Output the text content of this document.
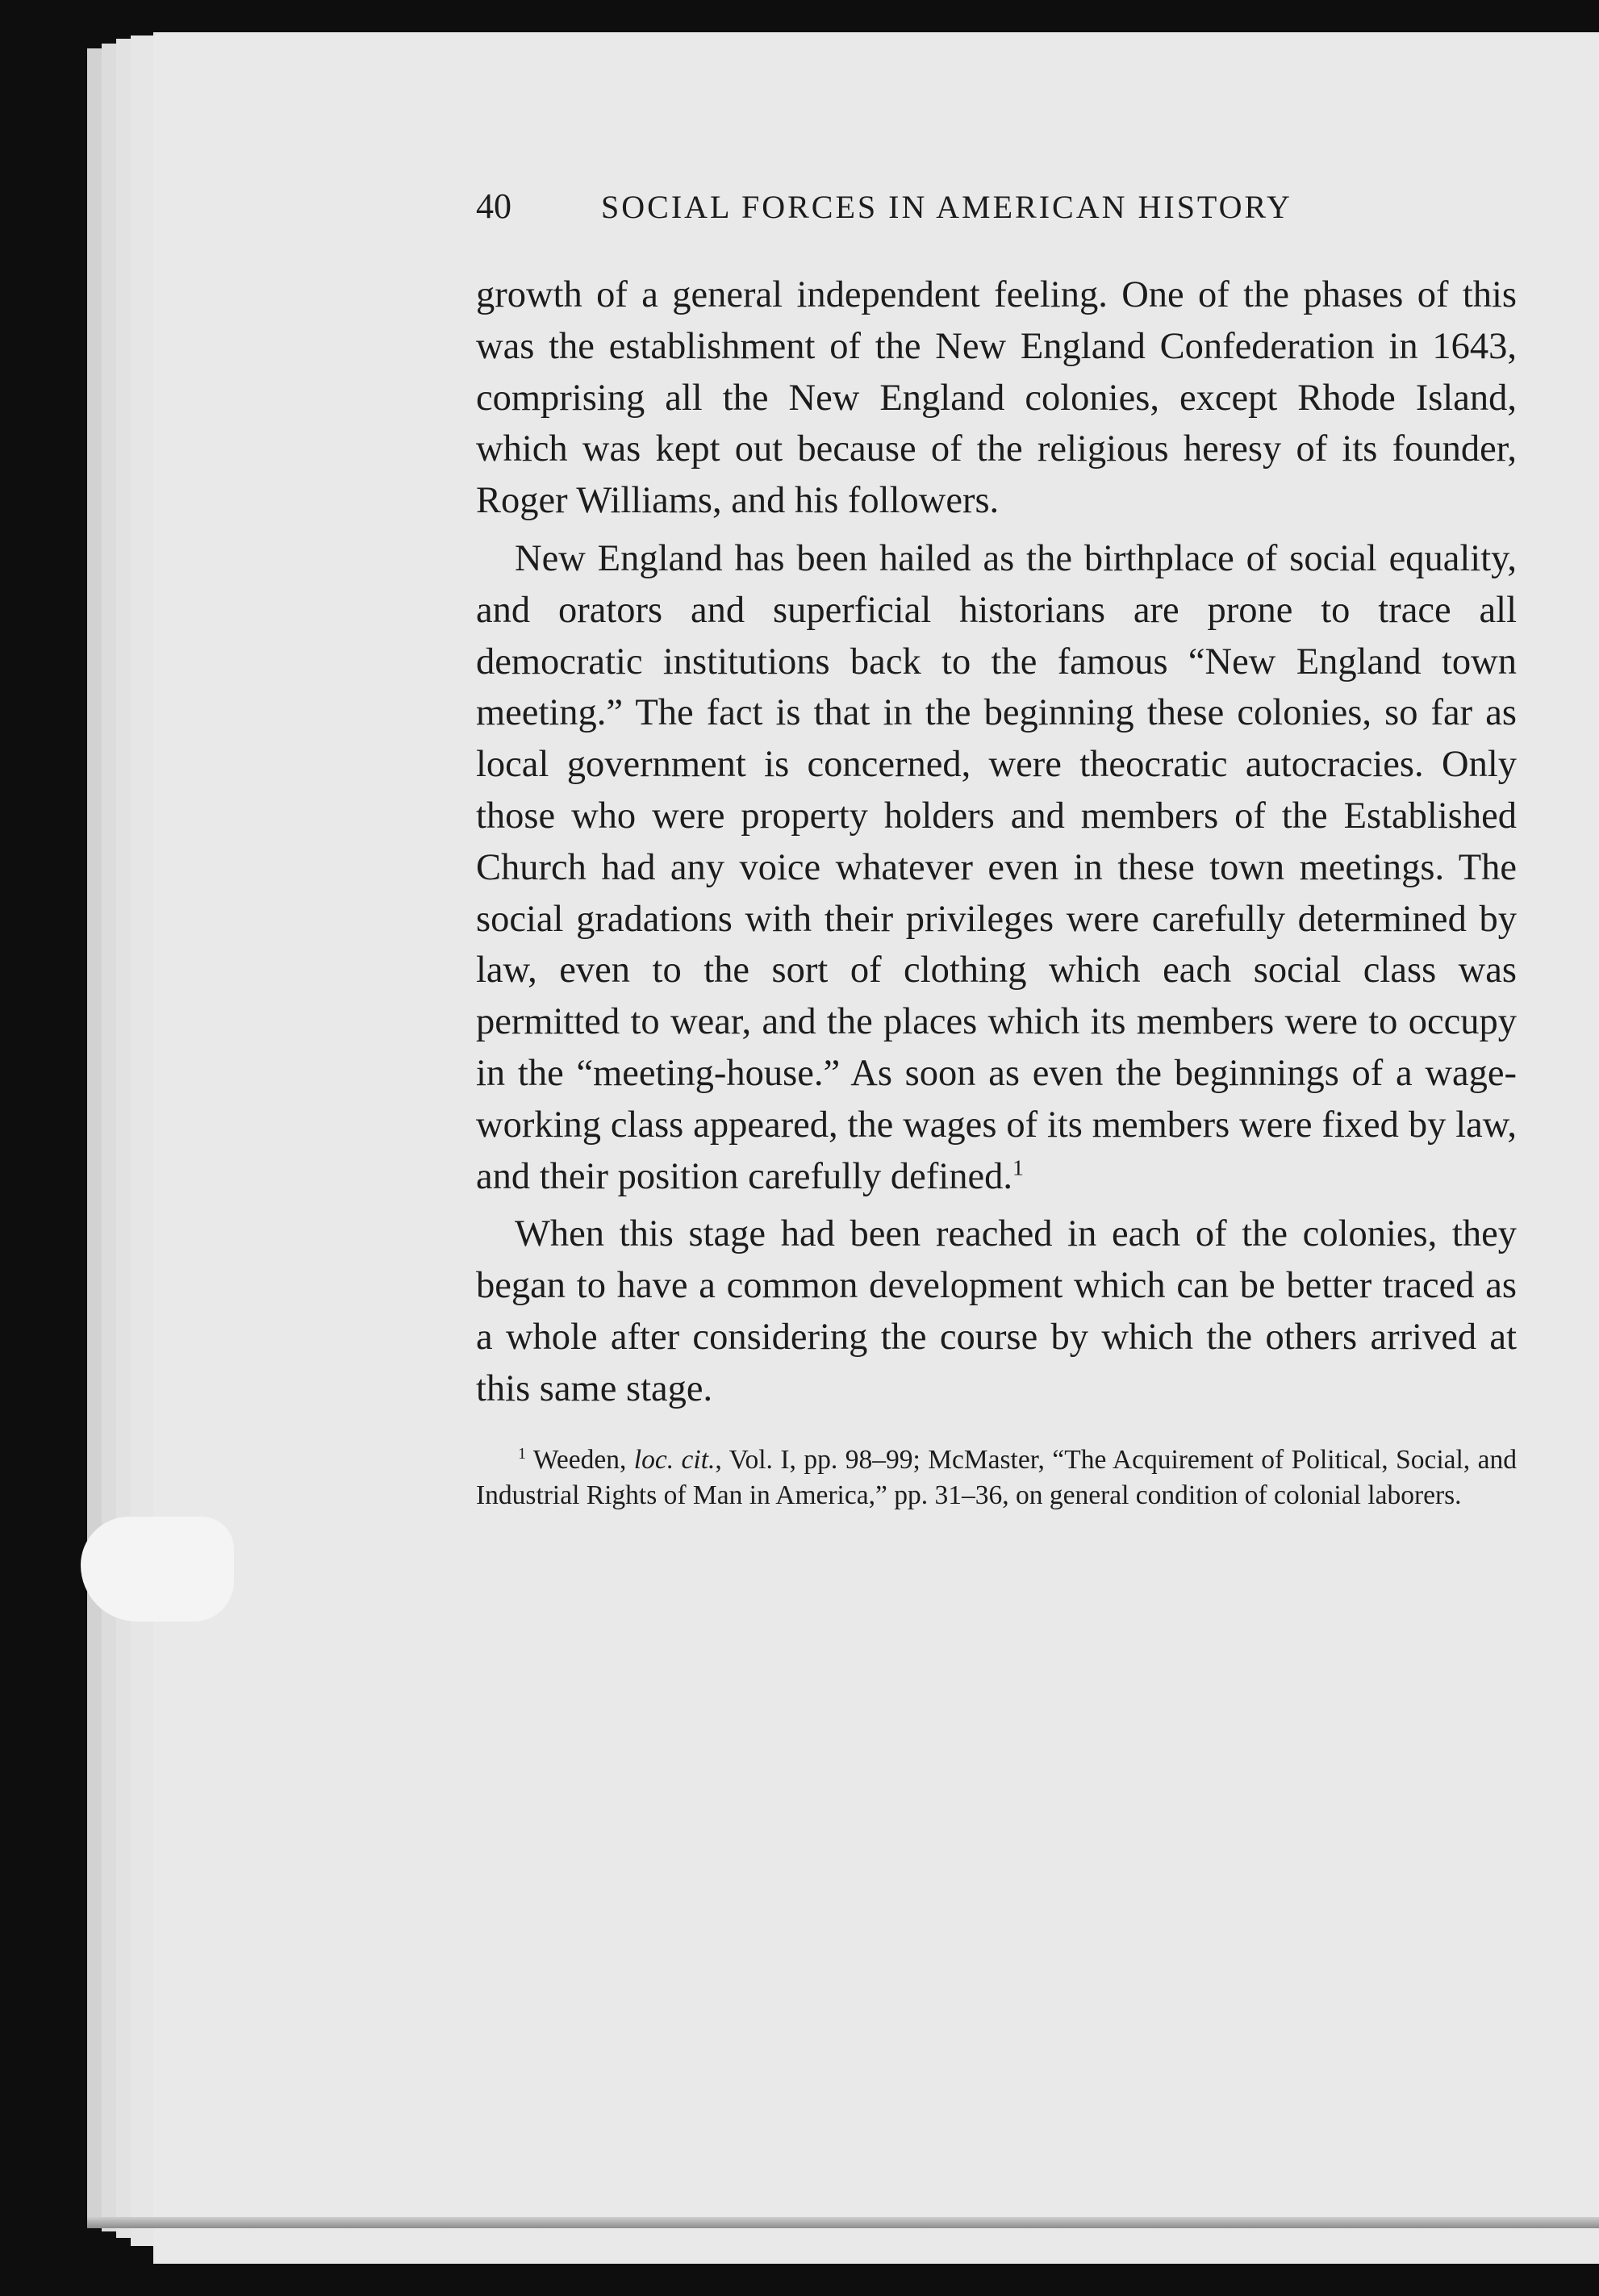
40	SOCIAL FORCES IN AMERICAN HISTORY

growth of a general independent feeling. One of the phases of this was the establishment of the New England Confederation in 1643, comprising all the New England colonies, except Rhode Island, which was kept out because of the religious heresy of its founder, Roger Williams, and his followers.

New England has been hailed as the birthplace of social equality, and orators and superficial historians are prone to trace all democratic institutions back to the famous “New England town meeting.” The fact is that in the beginning these colonies, so far as local government is concerned, were theocratic autocracies. Only those who were property holders and members of the Established Church had any voice whatever even in these town meetings. The social gradations with their privileges were carefully determined by law, even to the sort of clothing which each social class was permitted to wear, and the places which its members were to occupy in the “meeting-house.” As soon as even the beginnings of a wage-working class appeared, the wages of its members were fixed by law, and their position carefully defined.$^1$

When this stage had been reached in each of the colonies, they began to have a common development which can be better traced as a whole after considering the course by which the others arrived at this same stage.

$^1$ Weeden, loc. cit., Vol. I, pp. 98–99; McMaster, “The Acquirement of Political, Social, and Industrial Rights of Man in America,” pp. 31–36, on general condition of colonial laborers.
